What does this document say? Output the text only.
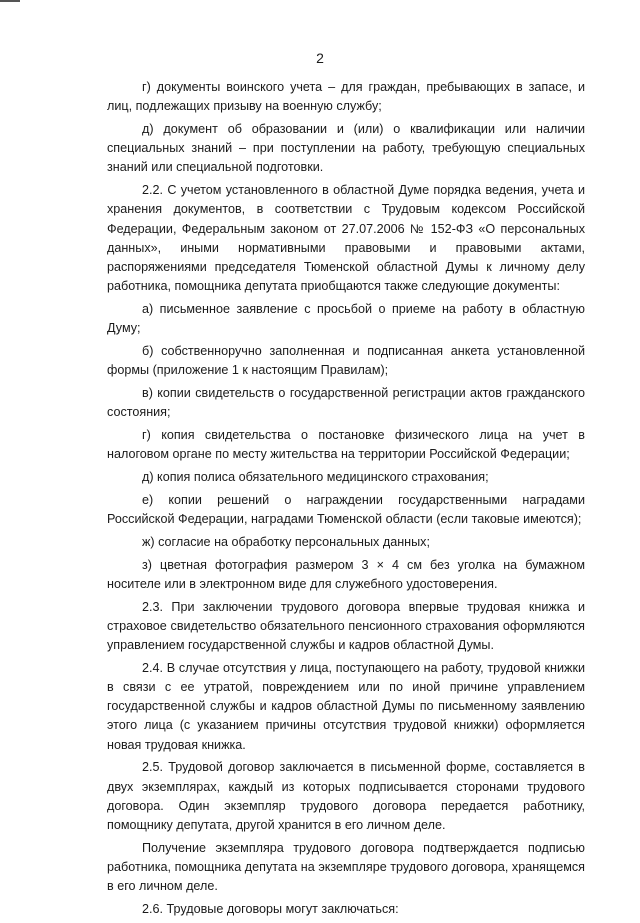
2

г) документы воинского учета – для граждан, пребывающих в запасе, и лиц, подлежащих призыву на военную службу;

д) документ об образовании и (или) о квалификации или наличии специальных знаний – при поступлении на работу, требующую специальных знаний или специальной подготовки.

2.2. С учетом установленного в областной Думе порядка ведения, учета и хранения документов, в соответствии с Трудовым кодексом Российской Федерации, Федеральным законом от 27.07.2006 № 152-ФЗ «О персональных данных», иными нормативными правовыми и правовыми актами, распоряжениями председателя Тюменской областной Думы к личному делу работника, помощника депутата приобщаются также следующие документы:

а) письменное заявление с просьбой о приеме на работу в областную Думу;

б) собственноручно заполненная и подписанная анкета установленной формы (приложение 1 к настоящим Правилам);

в) копии свидетельств о государственной регистрации актов гражданского состояния;

г) копия свидетельства о постановке физического лица на учет в налоговом органе по месту жительства на территории Российской Федерации;

д) копия полиса обязательного медицинского страхования;

е) копии решений о награждении государственными наградами Российской Федерации, наградами Тюменской области (если таковые имеются);

ж) согласие на обработку персональных данных;

з) цветная фотография размером 3 × 4 см без уголка на бумажном носителе или в электронном виде для служебного удостоверения.

2.3. При заключении трудового договора впервые трудовая книжка и страховое свидетельство обязательного пенсионного страхования оформляются управлением государственной службы и кадров областной Думы.

2.4. В случае отсутствия у лица, поступающего на работу, трудовой книжки в связи с ее утратой, повреждением или по иной причине управлением государственной службы и кадров областной Думы по письменному заявлению этого лица (с указанием причины отсутствия трудовой книжки) оформляется новая трудовая книжка.

2.5. Трудовой договор заключается в письменной форме, составляется в двух экземплярах, каждый из которых подписывается сторонами трудового договора. Один экземпляр трудового договора передается работнику, помощнику депутата, другой хранится в его личном деле.

Получение экземпляра трудового договора подтверждается подписью работника, помощника депутата на экземпляре трудового договора, хранящемся в его личном деле.

2.6. Трудовые договоры могут заключаться:
